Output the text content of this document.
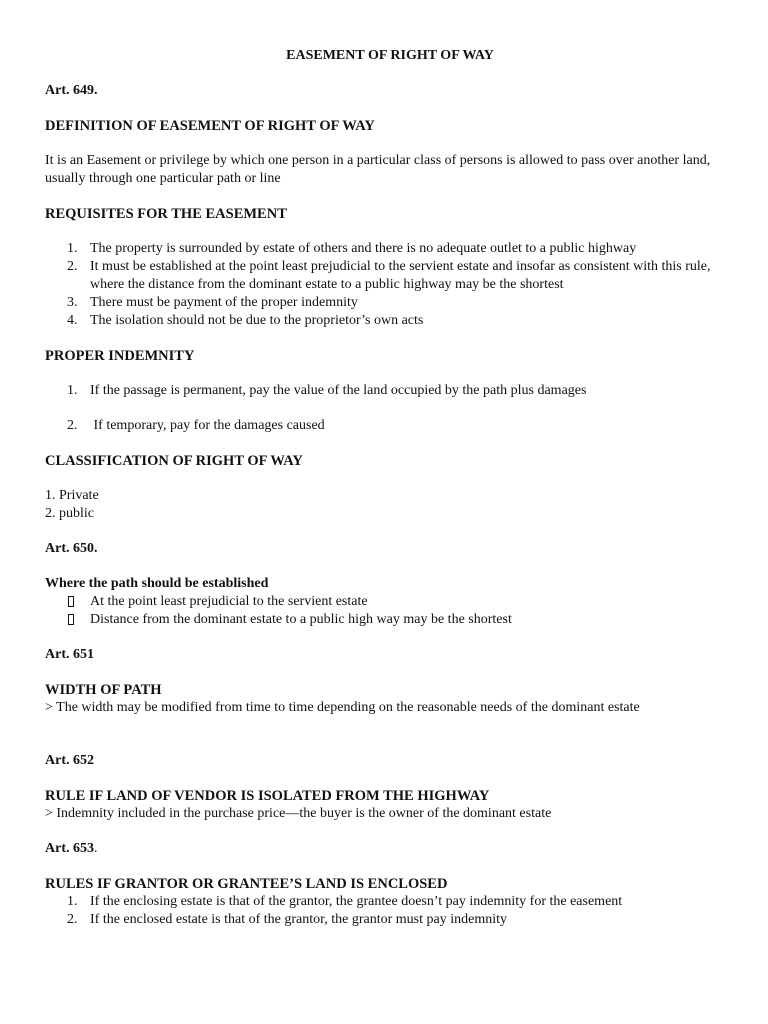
EASEMENT OF RIGHT OF WAY

Art. 649.

DEFINITION OF EASEMENT OF RIGHT OF WAY

It is an Easement or privilege by which one person in a particular class of persons is allowed to pass over another land, usually through one particular path or line

REQUISITES FOR THE EASEMENT

1. The property is surrounded by estate of others and there is no adequate outlet to a public highway
2. It must be established at the point least prejudicial to the servient estate and insofar as consistent with this rule, where the distance from the dominant estate to a public highway may be the shortest
3. There must be payment of the proper indemnity
4. The isolation should not be due to the proprietor’s own acts

PROPER INDEMNITY

1. If the passage is permanent, pay the value of the land occupied by the path plus damages
2. If temporary, pay for the damages caused

CLASSIFICATION OF RIGHT OF WAY

1. Private

2. public

Art. 650.

Where the path should be established

At the point least prejudicial to the servient estate
Distance from the dominant estate to a public high way may be the shortest

Art. 651

WIDTH OF PATH

> The width may be modified from time to time depending on the reasonable needs of the dominant estate

Art. 652

RULE IF LAND OF VENDOR IS ISOLATED FROM THE HIGHWAY

> Indemnity included in the purchase price—the buyer is the owner of the dominant estate

Art. 653.

RULES IF GRANTOR OR GRANTEE’S LAND IS ENCLOSED

1. If the enclosing estate is that of the grantor, the grantee doesn’t pay indemnity for the easement
2. If the enclosed estate is that of the grantor, the grantor must pay indemnity
